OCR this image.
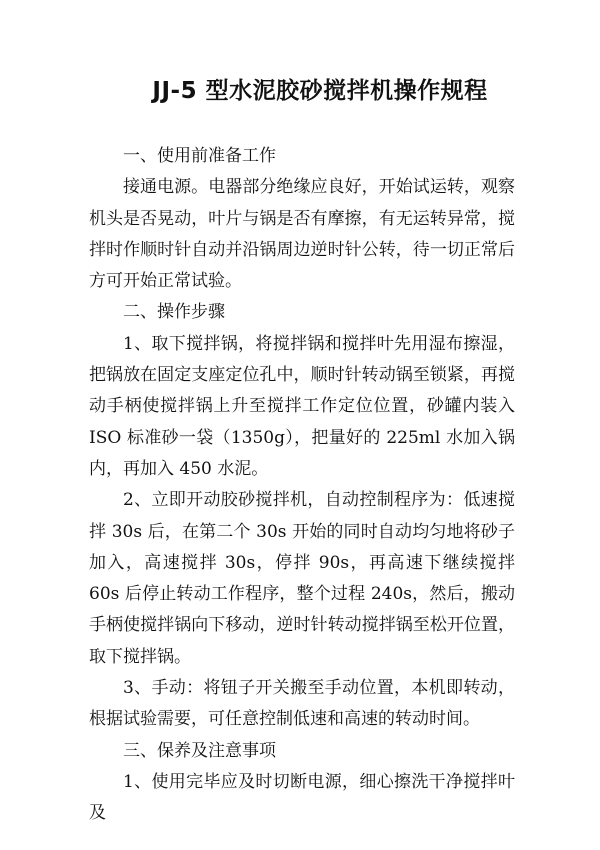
JJ-5 型水泥胶砂搅拌机操作规程
一、使用前准备工作

接通电源。电器部分绝缘应良好，开始试运转，观察机头是否晃动，叶片与锅是否有摩擦，有无运转异常，搅拌时作顺时针自动并沿锅周边逆时针公转，待一切正常后方可开始正常试验。

二、操作步骤

1、取下搅拌锅，将搅拌锅和搅拌叶先用湿布擦湿，把锅放在固定支座定位孔中，顺时针转动锅至锁紧，再搅动手柄使搅拌锅上升至搅拌工作定位位置，砂罐内装入 ISO 标准砂一袋（1350g），把量好的 225ml 水加入锅内，再加入 450 水泥。

2、立即开动胶砂搅拌机，自动控制程序为：低速搅拌 30s 后，在第二个 30s 开始的同时自动均匀地将砂子加入，高速搅拌 30s，停拌 90s，再高速下继续搅拌 60s 后停止转动工作程序，整个过程 240s，然后，搬动手柄使搅拌锅向下移动，逆时针转动搅拌锅至松开位置，取下搅拌锅。

3、手动：将钮子开关搬至手动位置，本机即转动，根据试验需要，可任意控制低速和高速的转动时间。

三、保养及注意事项

1、使用完毕应及时切断电源，细心擦洗干净搅拌叶及
